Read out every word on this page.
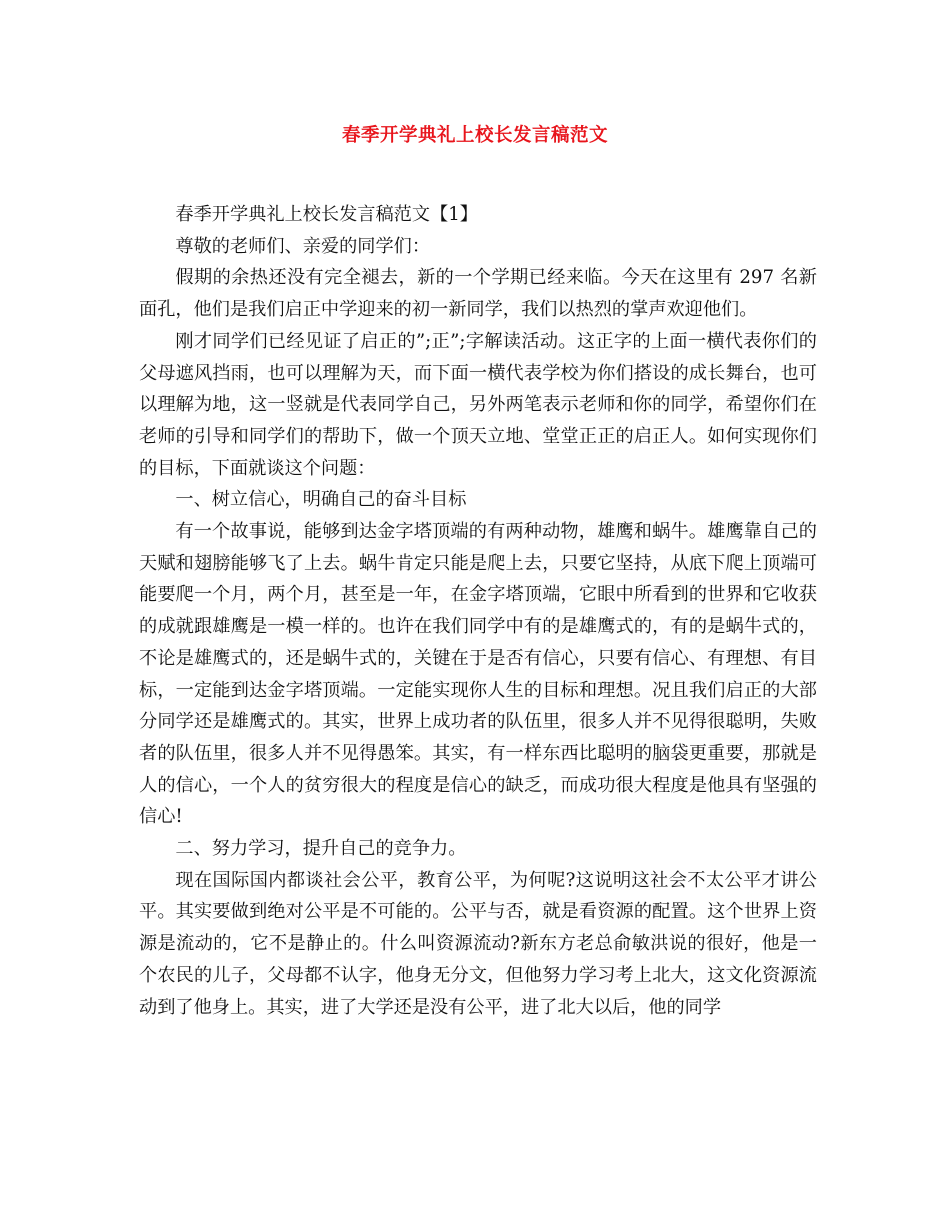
春季开学典礼上校长发言稿范文

春季开学典礼上校长发言稿范文【1】

尊敬的老师们、亲爱的同学们：

假期的余热还没有完全褪去，新的一个学期已经来临。今天在这里有 297 名新面孔，他们是我们启正中学迎来的初一新同学，我们以热烈的掌声欢迎他们。

刚才同学们已经见证了启正的”;正”;字解读活动。这正字的上面一横代表你们的父母遮风挡雨，也可以理解为天，而下面一横代表学校为你们搭设的成长舞台，也可以理解为地，这一竖就是代表同学自己，另外两笔表示老师和你的同学，希望你们在老师的引导和同学们的帮助下，做一个顶天立地、堂堂正正的启正人。如何实现你们的目标，下面就谈这个问题：

一、树立信心，明确自己的奋斗目标

有一个故事说，能够到达金字塔顶端的有两种动物，雄鹰和蜗牛。雄鹰靠自己的天赋和翅膀能够飞了上去。蜗牛肯定只能是爬上去，只要它坚持，从底下爬上顶端可能要爬一个月，两个月，甚至是一年，在金字塔顶端，它眼中所看到的世界和它收获的成就跟雄鹰是一模一样的。也许在我们同学中有的是雄鹰式的，有的是蜗牛式的，不论是雄鹰式的，还是蜗牛式的，关键在于是否有信心，只要有信心、有理想、有目标，一定能到达金字塔顶端。一定能实现你人生的目标和理想。况且我们启正的大部分同学还是雄鹰式的。其实，世界上成功者的队伍里，很多人并不见得很聪明，失败者的队伍里，很多人并不见得愚笨。其实，有一样东西比聪明的脑袋更重要，那就是人的信心，一个人的贫穷很大的程度是信心的缺乏，而成功很大程度是他具有坚强的信心!

二、努力学习，提升自己的竞争力。

现在国际国内都谈社会公平，教育公平，为何呢?这说明这社会不太公平才讲公平。其实要做到绝对公平是不可能的。公平与否，就是看资源的配置。这个世界上资源是流动的，它不是静止的。什么叫资源流动?新东方老总俞敏洪说的很好，他是一个农民的儿子，父母都不认字，他身无分文，但他努力学习考上北大，这文化资源流动到了他身上。其实，进了大学还是没有公平，进了北大以后，他的同学
